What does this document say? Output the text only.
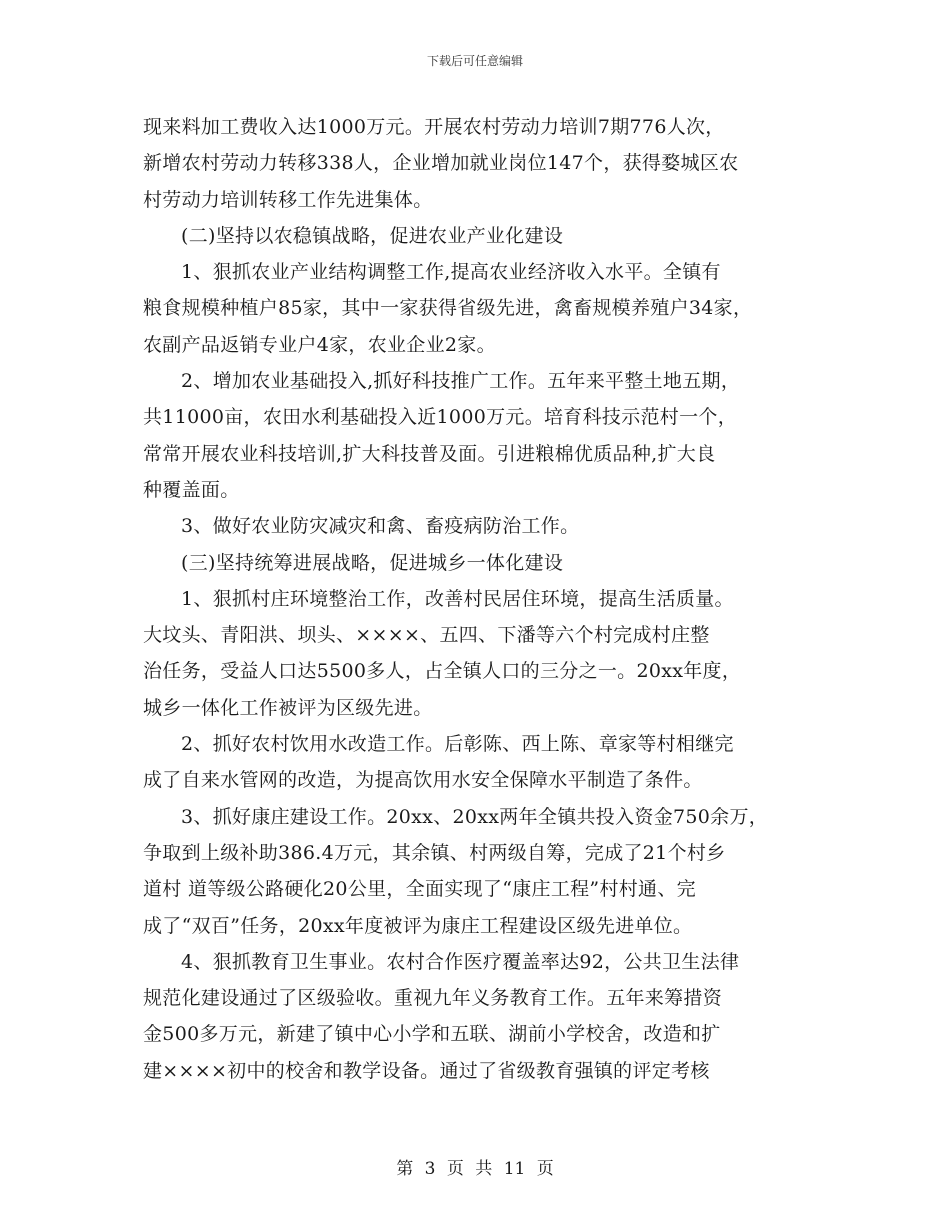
下载后可任意编辑
现来料加工费收入达1000万元。开展农村劳动力培训7期776人次，
新增农村劳动力转移338人，企业增加就业岗位147个，获得婺城区农
村劳动力培训转移工作先进集体。
(二)坚持以农稳镇战略，促进农业产业化建设
1、狠抓农业产业结构调整工作,提高农业经济收入水平。全镇有
粮食规模种植户85家，其中一家获得省级先进，禽畜规模养殖户34家，
农副产品返销专业户4家，农业企业2家。
2、增加农业基础投入,抓好科技推广工作。五年来平整土地五期，
共11000亩，农田水利基础投入近1000万元。培育科技示范村一个，
常常开展农业科技培训,扩大科技普及面。引进粮棉优质品种,扩大良
种覆盖面。
3、做好农业防灾减灾和禽、畜疫病防治工作。
(三)坚持统筹进展战略，促进城乡一体化建设
1、狠抓村庄环境整治工作，改善村民居住环境，提高生活质量。
大坟头、青阳洪、坝头、××××、五四、下潘等六个村完成村庄整
治任务，受益人口达5500多人，占全镇人口的三分之一。20xx年度，
城乡一体化工作被评为区级先进。
2、抓好农村饮用水改造工作。后彰陈、西上陈、章家等村相继完
成了自来水管网的改造，为提高饮用水安全保障水平制造了条件。
3、抓好康庄建设工作。20xx、20xx两年全镇共投入资金750余万，
争取到上级补助386.4万元，其余镇、村两级自筹，完成了21个村乡
道村 道等级公路硬化20公里，全面实现了“康庄工程”村村通、完
成了“双百”任务，20xx年度被评为康庄工程建设区级先进单位。
4、狠抓教育卫生事业。农村合作医疗覆盖率达92，公共卫生法律
规范化建设通过了区级验收。重视九年义务教育工作。五年来筹措资
金500多万元，新建了镇中心小学和五联、湖前小学校舍，改造和扩
建××××初中的校舍和教学设备。通过了省级教育强镇的评定考核
第 3 页 共 11 页
